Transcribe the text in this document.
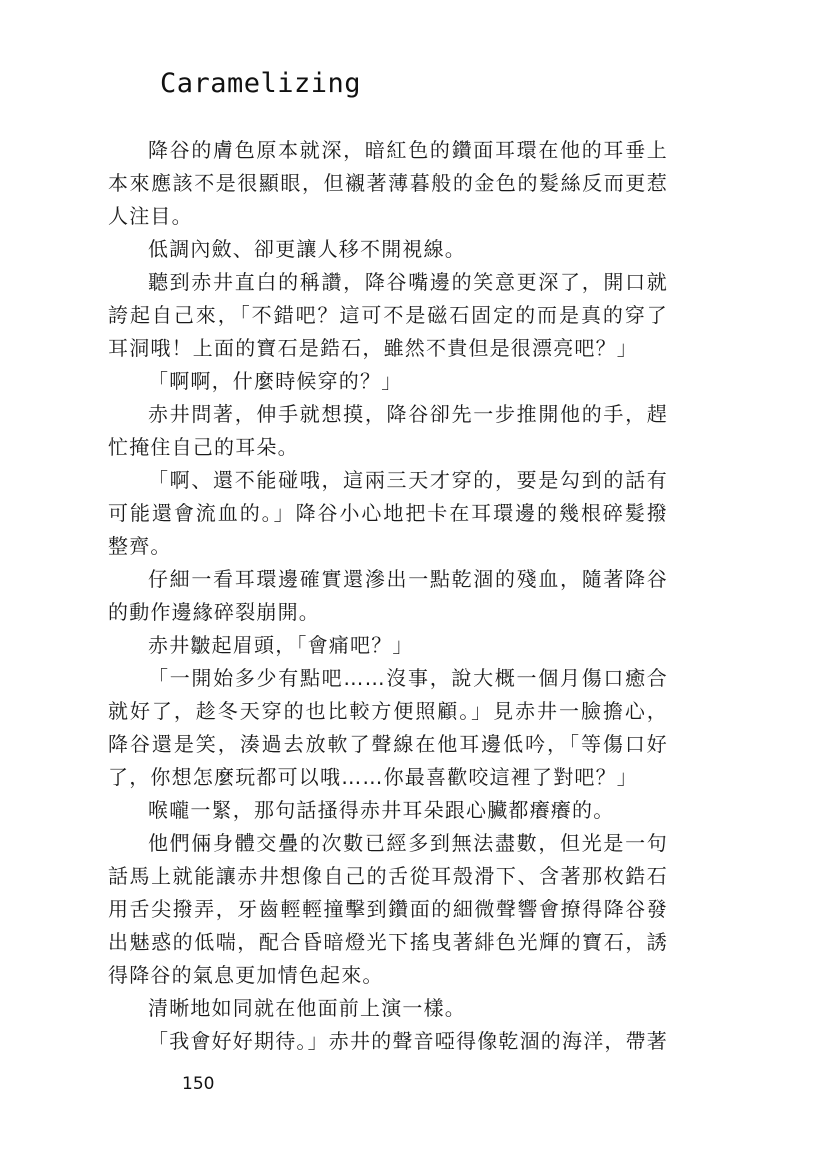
Caramelizing

降谷的膚色原本就深，暗紅色的鑽面耳環在他的耳垂上本來應該不是很顯眼，但襯著薄暮般的金色的髮絲反而更惹人注目。

低調內斂、卻更讓人移不開視線。

聽到赤井直白的稱讚，降谷嘴邊的笑意更深了，開口就誇起自己來，「不錯吧？這可不是磁石固定的而是真的穿了耳洞哦！上面的寶石是鋯石，雖然不貴但是很漂亮吧？」

「啊啊，什麼時候穿的？」

赤井問著，伸手就想摸，降谷卻先一步推開他的手，趕忙掩住自己的耳朵。

「啊、還不能碰哦，這兩三天才穿的，要是勾到的話有可能還會流血的。」降谷小心地把卡在耳環邊的幾根碎髮撥整齊。

仔細一看耳環邊確實還滲出一點乾涸的殘血，隨著降谷的動作邊緣碎裂崩開。

赤井皺起眉頭，「會痛吧？」

「一開始多少有點吧……沒事，說大概一個月傷口癒合就好了，趁冬天穿的也比較方便照顧。」見赤井一臉擔心，降谷還是笑，湊過去放軟了聲線在他耳邊低吟，「等傷口好了，你想怎麼玩都可以哦……你最喜歡咬這裡了對吧？」

喉嚨一緊，那句話搔得赤井耳朵跟心臟都癢癢的。

他們倆身體交疊的次數已經多到無法盡數，但光是一句話馬上就能讓赤井想像自己的舌從耳殼滑下、含著那枚鋯石用舌尖撥弄，牙齒輕輕撞擊到鑽面的細微聲響會撩得降谷發出魅惑的低喘，配合昏暗燈光下搖曳著緋色光輝的寶石，誘得降谷的氣息更加情色起來。

清晰地如同就在他面前上演一樣。

「我會好好期待。」赤井的聲音啞得像乾涸的海洋，帶著

150
